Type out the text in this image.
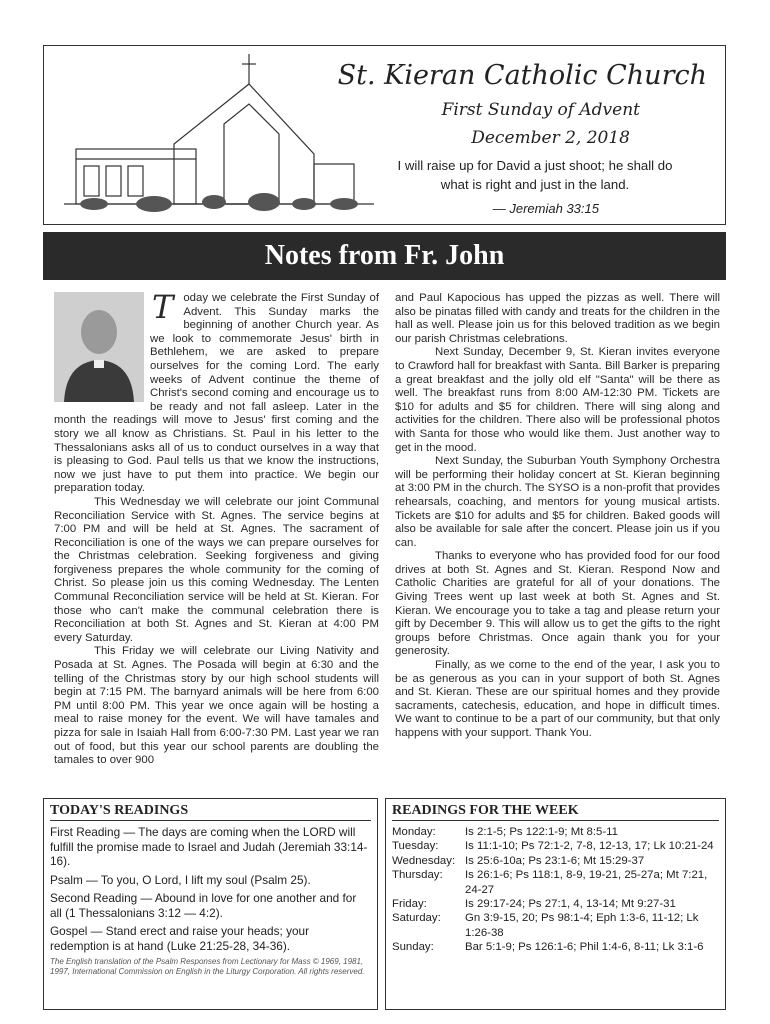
St. Kieran Catholic Church
First Sunday of Advent
December 2, 2018
I will raise up for David a just shoot; he shall do what is right and just in the land.
— Jeremiah 33:15
Notes from Fr. John
T oday we celebrate the First Sunday of Advent. This Sunday marks the beginning of another Church year. As we look to commemorate Jesus' birth in Bethlehem, we are asked to prepare ourselves for the coming Lord. The early weeks of Advent continue the theme of Christ's second coming and encourage us to be ready and not fall asleep. Later in the month the readings will move to Jesus' first coming and the story we all know as Christians. St. Paul in his letter to the Thessalonians asks all of us to conduct ourselves in a way that is pleasing to God. Paul tells us that we know the instructions, now we just have to put them into practice. We begin our preparation today.

This Wednesday we will celebrate our joint Communal Reconciliation Service with St. Agnes. The service begins at 7:00 PM and will be held at St. Agnes. The sacrament of Reconciliation is one of the ways we can prepare ourselves for the Christmas celebration. Seeking forgiveness and giving forgiveness prepares the whole community for the coming of Christ. So please join us this coming Wednesday. The Lenten Communal Reconciliation service will be held at St. Kieran. For those who can't make the communal celebration there is Reconciliation at both St. Agnes and St. Kieran at 4:00 PM every Saturday.

This Friday we will celebrate our Living Nativity and Posada at St. Agnes. The Posada will begin at 6:30 and the telling of the Christmas story by our high school students will begin at 7:15 PM. The barnyard animals will be here from 6:00 PM until 8:00 PM. This year we once again will be hosting a meal to raise money for the event. We will have tamales and pizza for sale in Isaiah Hall from 6:00-7:30 PM. Last year we ran out of food, but this year our school parents are doubling the tamales to over 900

and Paul Kapocious has upped the pizzas as well. There will also be pinatas filled with candy and treats for the children in the hall as well. Please join us for this beloved tradition as we begin our parish Christmas celebrations.

Next Sunday, December 9, St. Kieran invites everyone to Crawford hall for breakfast with Santa. Bill Barker is preparing a great breakfast and the jolly old elf "Santa" will be there as well. The breakfast runs from 8:00 AM-12:30 PM. Tickets are $10 for adults and $5 for children. There will sing along and activities for the children. There also will be professional photos with Santa for those who would like them. Just another way to get in the mood.

Next Sunday, the Suburban Youth Symphony Orchestra will be performing their holiday concert at St. Kieran beginning at 3:00 PM in the church. The SYSO is a non-profit that provides rehearsals, coaching, and mentors for young musical artists. Tickets are $10 for adults and $5 for children. Baked goods will also be available for sale after the concert. Please join us if you can.

Thanks to everyone who has provided food for our food drives at both St. Agnes and St. Kieran. Respond Now and Catholic Charities are grateful for all of your donations. The Giving Trees went up last week at both St. Agnes and St. Kieran. We encourage you to take a tag and please return your gift by December 9. This will allow us to get the gifts to the right groups before Christmas. Once again thank you for your generosity.

Finally, as we come to the end of the year, I ask you to be as generous as you can in your support of both St. Agnes and St. Kieran. These are our spiritual homes and they provide sacraments, catechesis, education, and hope in difficult times. We want to continue to be a part of our community, but that only happens with your support. Thank You.

TODAY'S READINGS

First Reading — The days are coming when the LORD will fulfill the promise made to Israel and Judah (Jeremiah 33:14-16).

Psalm — To you, O Lord, I lift my soul (Psalm 25).

Second Reading — Abound in love for one another and for all (1 Thessalonians 3:12 — 4:2).

Gospel — Stand erect and raise your heads; your redemption is at hand (Luke 21:25-28, 34-36).

The English translation of the Psalm Responses from Lectionary for Mass © 1969, 1981, 1997, International Commission on English in the Liturgy Corporation. All rights reserved.

READINGS FOR THE WEEK
Monday:	Is 2:1-5; Ps 122:1-9; Mt 8:5-11
Tuesday:	Is 11:1-10; Ps 72:1-2, 7-8, 12-13, 17; Lk 10:21-24
Wednesday: Is 25:6-10a; Ps 23:1-6; Mt 15:29-37
Thursday:	Is 26:1-6; Ps 118:1, 8-9, 19-21, 25-27a; Mt 7:21, 24-27
Friday:	Is 29:17-24; Ps 27:1, 4, 13-14; Mt 9:27-31
Saturday:	Gn 3:9-15, 20; Ps 98:1-4; Eph 1:3-6, 11-12; Lk 1:26-38
Sunday:	Bar 5:1-9; Ps 126:1-6; Phil 1:4-6, 8-11; Lk 3:1-6
